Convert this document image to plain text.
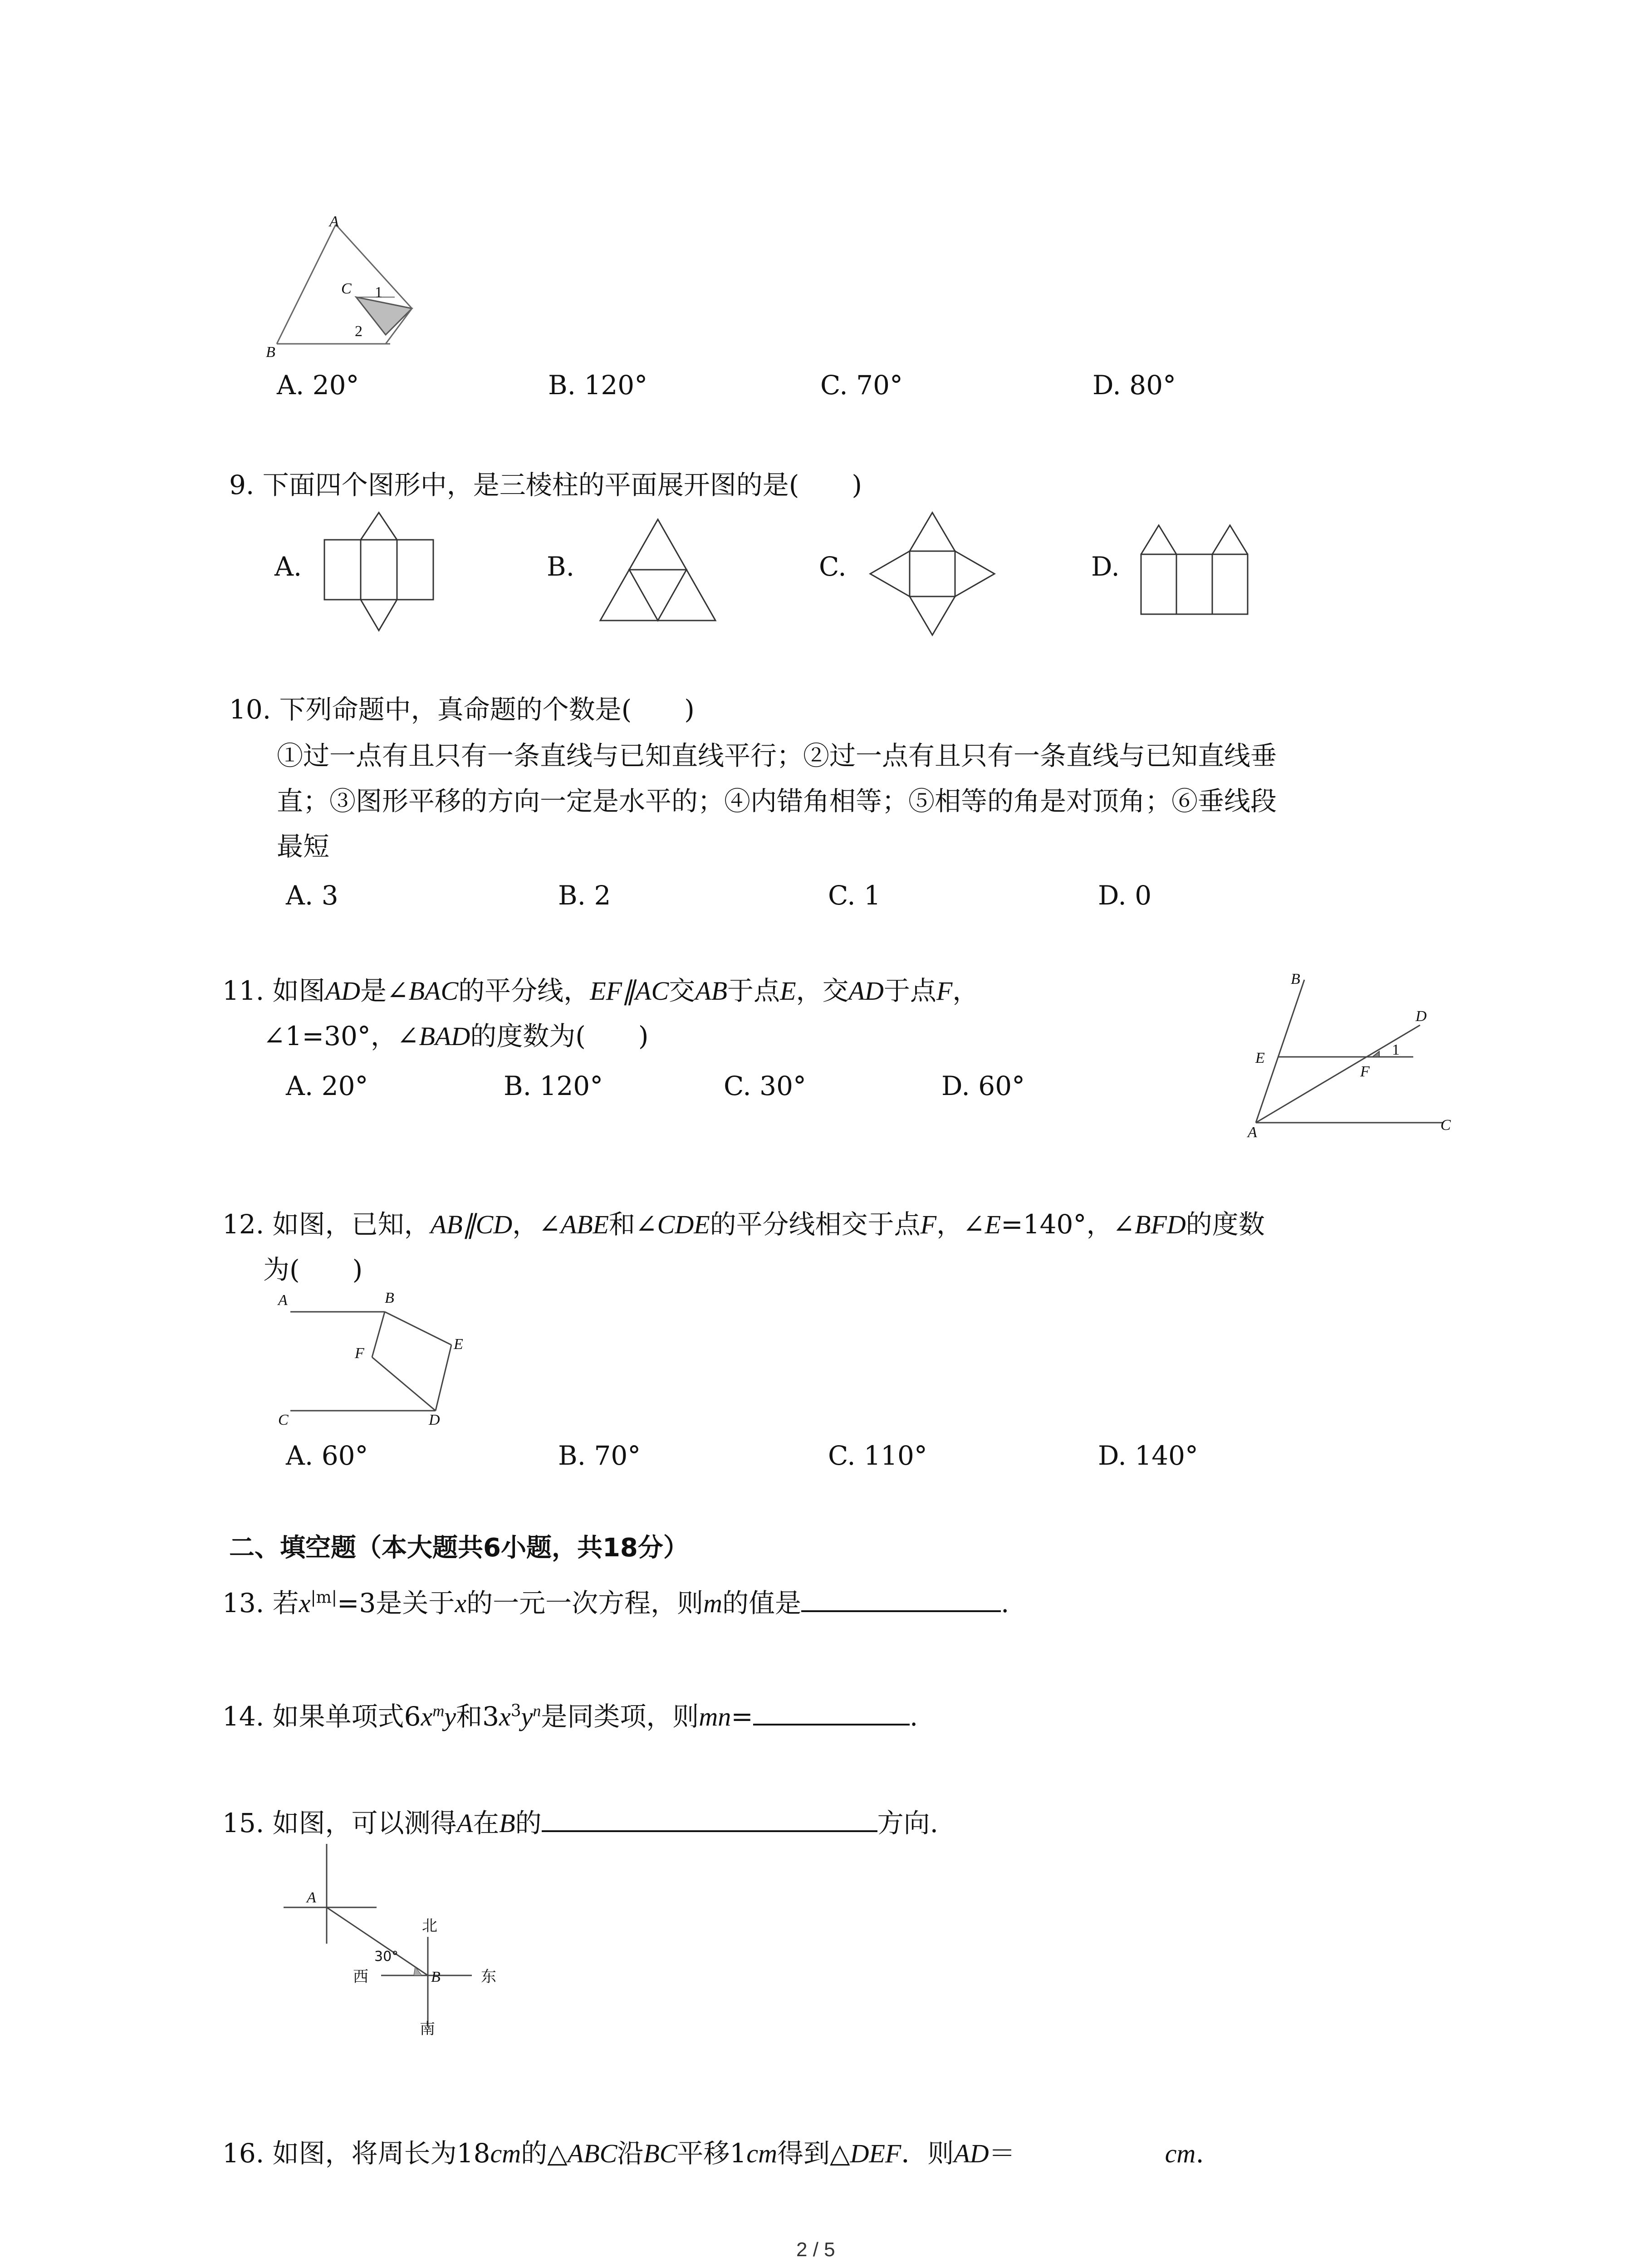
A
B
C 1
2
A. 20°	B. 120°	C. 70°	D. 80°
9. 下面四个图形中，是三棱柱的平面展开图的是(　　)
A.	B.	C.	D.
10. 下列命题中，真命题的个数是(　　)
①过一点有且只有一条直线与已知直线平行；②过一点有且只有一条直线与已知直线垂
直；③图形平移的方向一定是水平的；④内错角相等；⑤相等的角是对顶角；⑥垂线段
最短
A. 3	B. 2	C. 1	D. 0
11. 如图AD是∠BAC的平分线，EF∥AC交AB于点E，交AD于点F，
∠1=30°，∠BAD的度数为(　　)
A. 20°	B. 120°	C. 30°	D. 60°
B
D
E
F
1
A	C
12. 如图，已知，AB∥CD，∠ABE和∠CDE的平分线相交于点F，∠E=140°，∠BFD的度数
为(　　)
A	B
E
F
C	D
A. 60°	B. 70°	C. 110°	D. 140°
二、填空题（本大题共6小题，共18分）
13. 若$x^{|m|}=3$是关于x的一元一次方程，则m的值是	.
14. 如果单项式$6x^my$和$3x^3y^n$是同类项，则mn=	.
15. 如图，可以测得A在B的	方向.
A
北
30°
西	B	东
南
16. 如图，将周长为18cm的△ABC沿BC平移1cm得到△DEF．则AD＝	cm.
2 / 5
